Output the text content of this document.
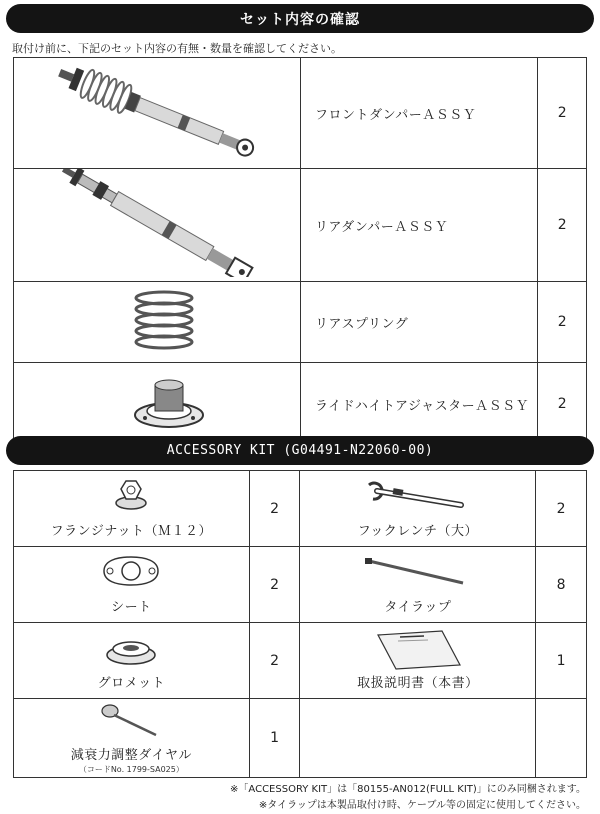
セット内容の確認
取付け前に、下記のセット内容の有無・数量を確認してください。
	フロントダンパーＡＳＳＹ	2
	リアダンパーＡＳＳＹ	2
	リアスプリング	2
	ライドハイトアジャスターＡＳＳＹ	2
ACCESSORY KIT (G04491-N22060-00)
フランジナット（Ｍ１２）	2	フックレンチ（大）	2

シート	2	タイラップ	8

グロメット	2	取扱説明書（本書）	1

減衰力調整ダイヤル
（コードNo. 1799-SA025）	1		
※「ACCESSORY KIT」は「80155-AN012(FULL KIT)」にのみ同梱されます。
※タイラップは本製品取付け時、ケーブル等の固定に使用してください。
